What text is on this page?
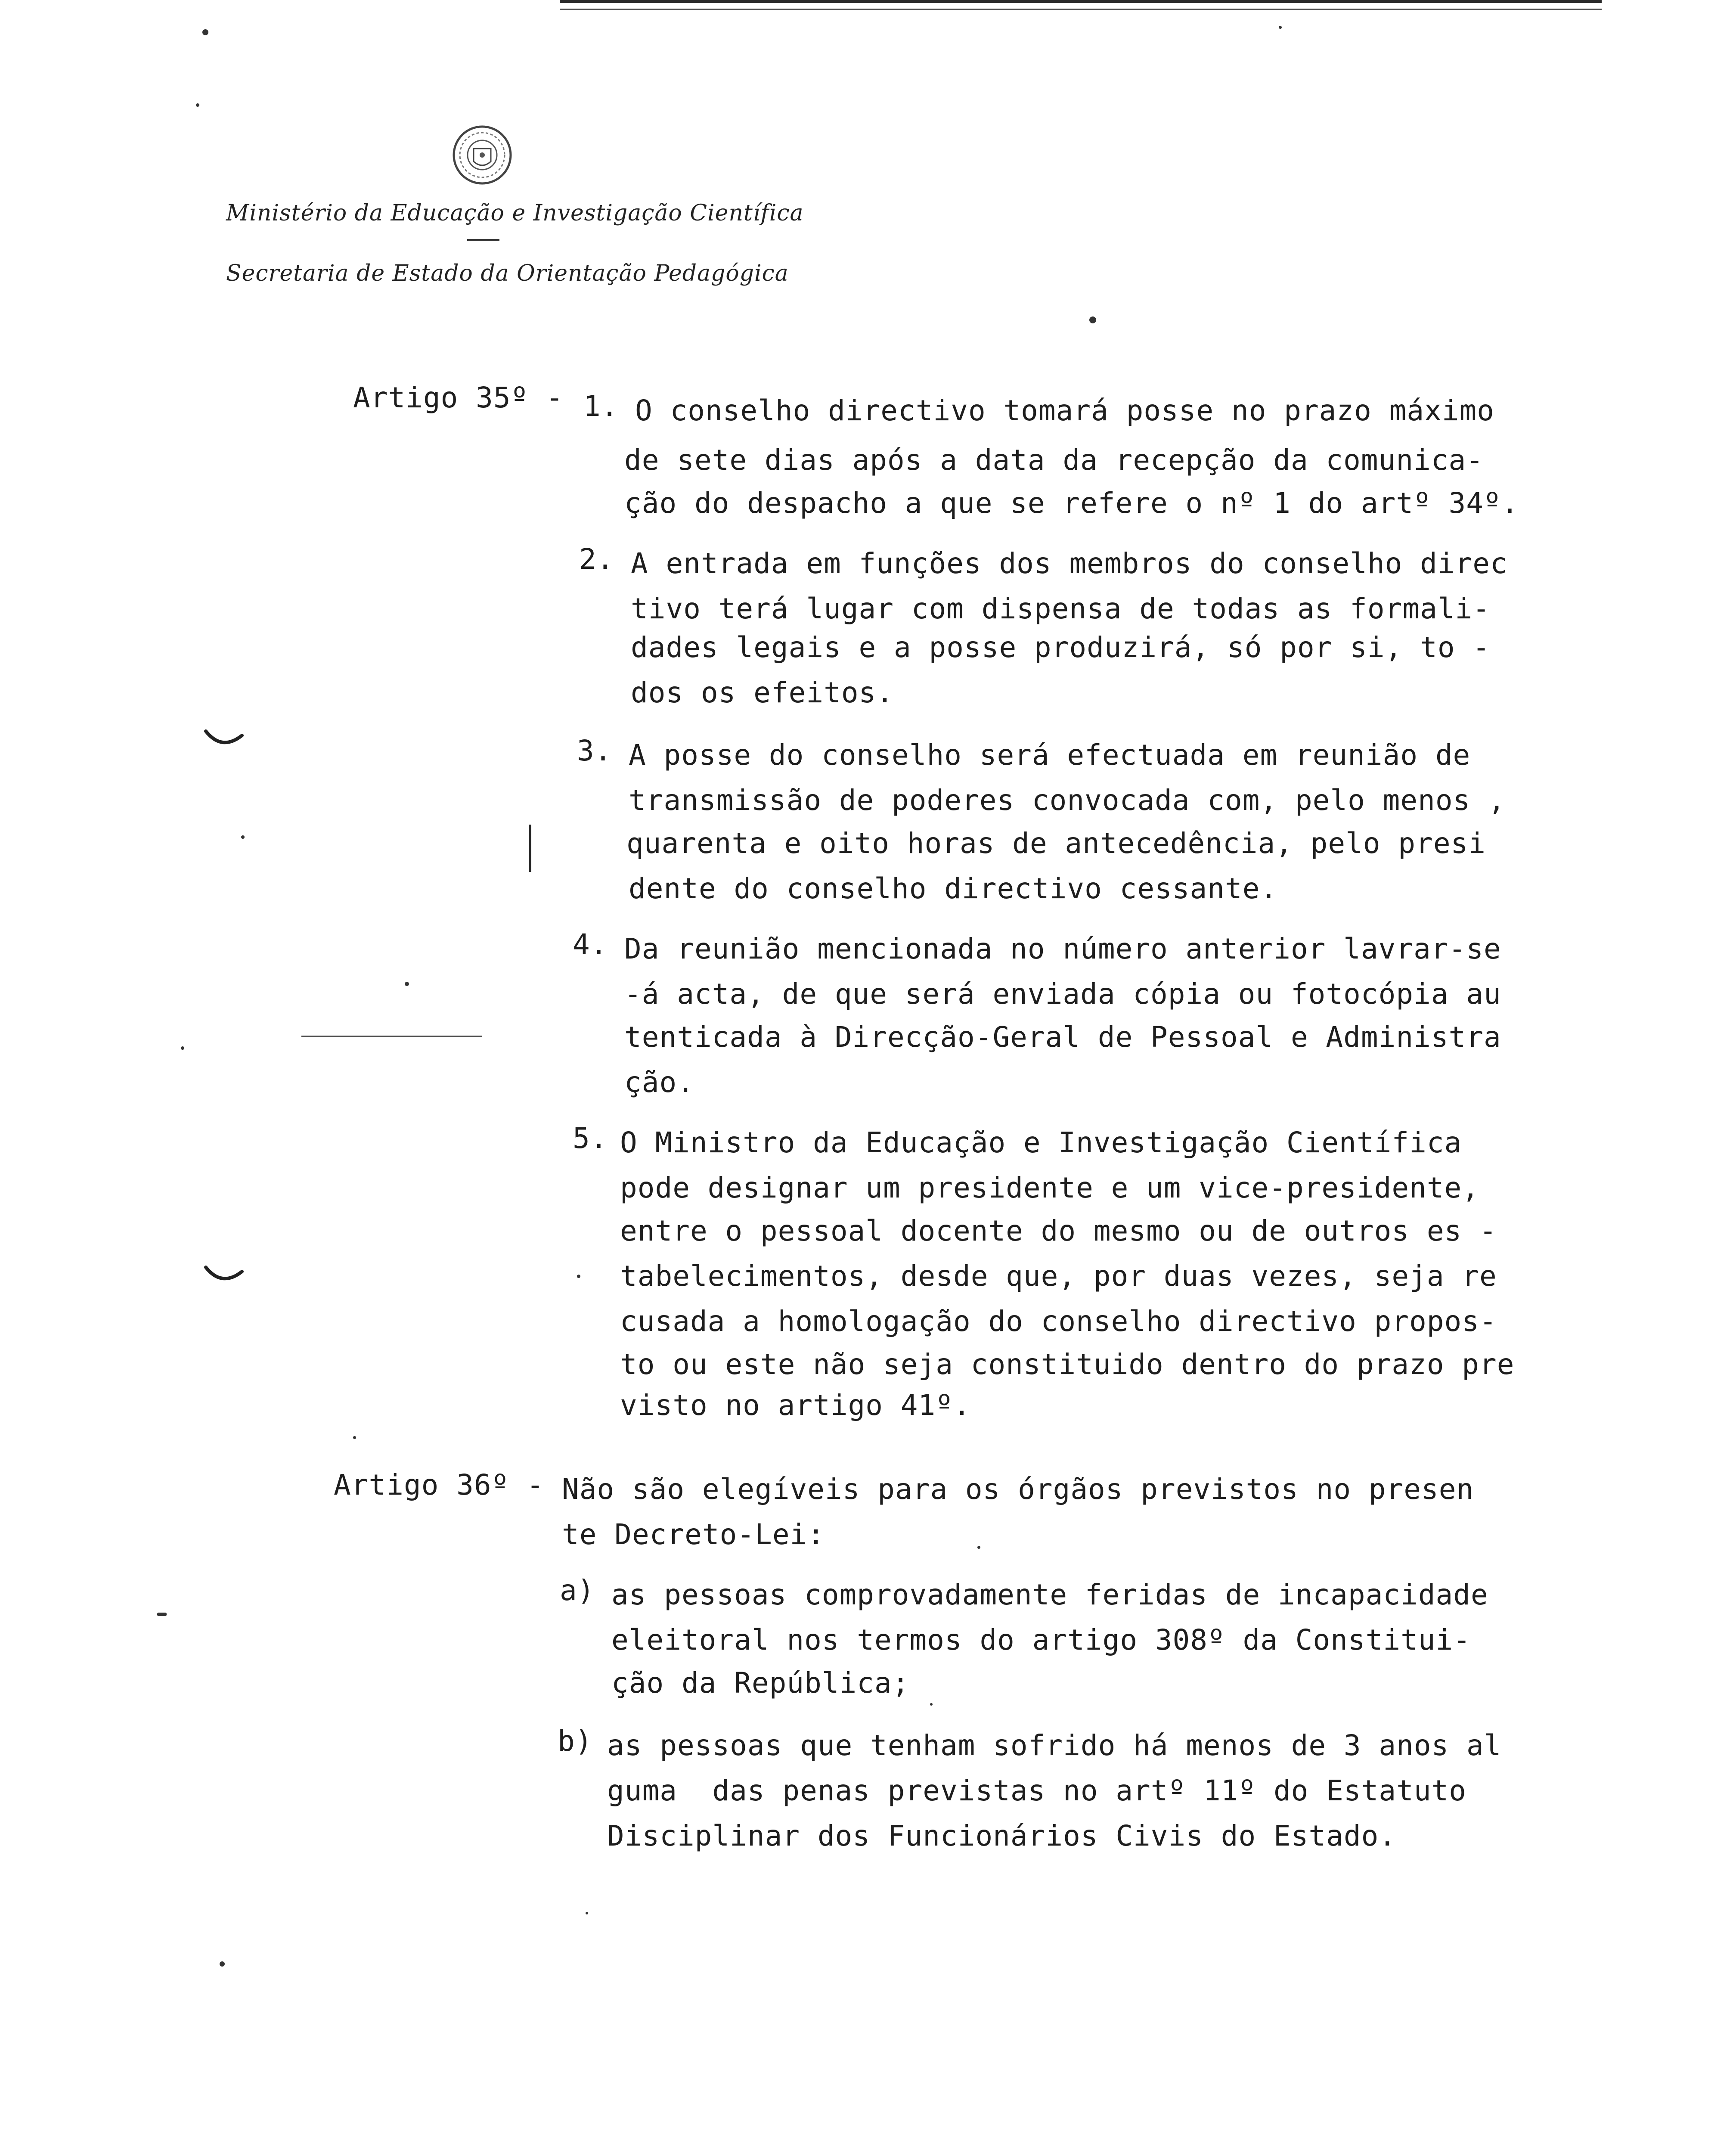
Ministério da Educação e Investigação Científica
Secretaria de Estado da Orientação Pedagógica
Artigo 35º - 1. O conselho directivo tomará posse no prazo máximo
de sete dias após a data da recepção da comunica-
ção do despacho a que se refere o nº 1 do artº 34º.
2. A entrada em funções dos membros do conselho direc
tivo terá lugar com dispensa de todas as formali-
dades legais e a posse produzirá, só por si, to -
dos os efeitos.
3. A posse do conselho será efectuada em reunião de
transmissão de poderes convocada com, pelo menos ,
quarenta e oito horas de antecedência, pelo presi
dente do conselho directivo cessante.
4. Da reunião mencionada no número anterior lavrar-se
-á acta, de que será enviada cópia ou fotocópia au
tenticada à Direcção-Geral de Pessoal e Administra
ção.
5. O Ministro da Educação e Investigação Científica
pode designar um presidente e um vice-presidente,
entre o pessoal docente do mesmo ou de outros es -
tabelecimentos, desde que, por duas vezes, seja re
cusada a homologação do conselho directivo propos-
to ou este não seja constituido dentro do prazo pre
visto no artigo 41º.
Artigo 36º - Não são elegíveis para os órgãos previstos no presen
te Decreto-Lei:
a) as pessoas comprovadamente feridas de incapacidade
eleitoral nos termos do artigo 308º da Constitui-
ção da República;
b) as pessoas que tenham sofrido há menos de 3 anos al
guma  das penas previstas no artº 11º do Estatuto
Disciplinar dos Funcionários Civis do Estado.
